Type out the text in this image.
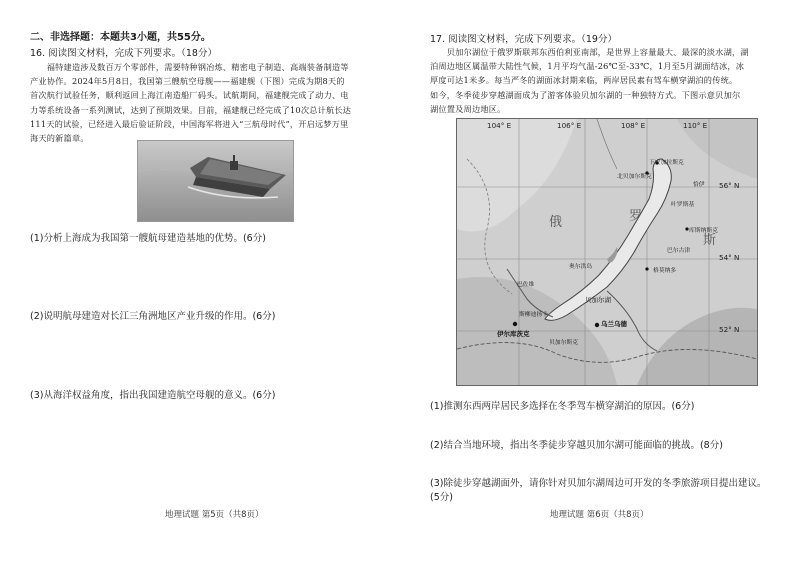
二、非选择题：本题共3小题，共55分。
16. 阅读图文材料，完成下列要求。（18分）
　　福特建造涉及数百万个零部件，需要特种钢冶炼、精密电子制造、高端装备制造等
产业协作。2024年5月8日，我国第三艘航空母舰——福建舰（下图）完成为期8天的
首次航行试验任务，顺利返回上海江南造船厂码头。试航期间，福建舰完成了动力、电
力等系统设备一系列测试，达到了预期效果。目前，福建舰已经完成了10次总计航长达
111天的试验，已经进入最后验证阶段，中国海军将进入“三航母时代”，开启远梦万里
海天的新篇章。
(1)分析上海成为我国第一艘航母建造基地的优势。(6分)
(2)说明航母建造对长江三角洲地区产业升级的作用。(6分)
(3)从海洋权益角度，指出我国建造航空母舰的意义。(6分)
地理试题 第5页（共8页）
17. 阅读图文材料，完成下列要求。（19分）
　　贝加尔湖位于俄罗斯联邦东西伯利亚南部，是世界上容量最大、最深的淡水湖，湖
泊周边地区属温带大陆性气候，1月平均气温-26℃至-33℃，1月至5月湖面结冰，冰
厚度可达1米多。每当严冬的湖面冰封期来临，两岸居民素有驾车横穿湖泊的传统。
如今，冬季徒步穿越湖面成为了游客体验贝加尔湖的一种独特方式。下图示意贝加尔
湖位置及周边地区。
104° E	106° E	108° E	110° E
56° N
54° N
52° N
俄	罗
斯
下安加拉斯克
北贝加尔斯克
叶罗斯基
库斯纳斯克
巴尔古津
格莫纳多
伊尔库茨克
贝加尔斯克
乌兰乌德
斯柳迪扬卡
奥尔洪岛
恰伊
巴佐维
贝加尔湖
(1)推测东西两岸居民多选择在冬季驾车横穿湖泊的原因。(6分)
(2)结合当地环境，指出冬季徒步穿越贝加尔湖可能面临的挑战。(8分)
(3)除徒步穿越湖面外，请你针对贝加尔湖周边可开发的冬季旅游项目提出建议。
(5分)
地理试题 第6页（共8页）
